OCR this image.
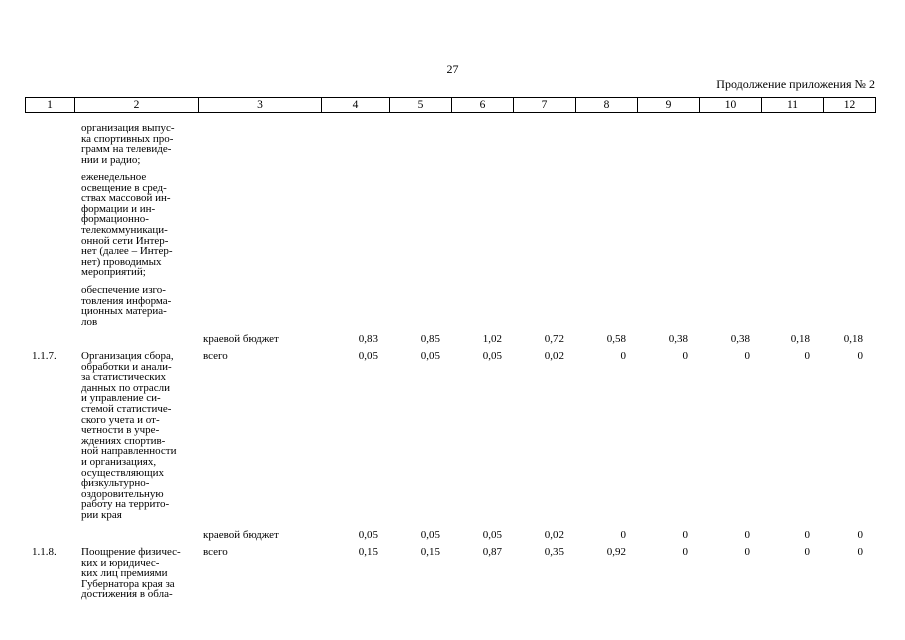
27
Продолжение приложения № 2
1	2	3	4	5	6	7	8	9	10	11	12
организация выпус-
ка спортивных про-
грамм на телевиде-
нии и радио;
еженедельное
освещение в сред-
ствах массовой ин-
формации и ин-
формационно-
телекоммуникаци-
онной сети Интер-
нет (далее – Интер-
нет) проводимых
мероприятий;
обеспечение изго-
товления информа-
ционных материа-
лов
краевой бюджет	0,83	0,85	1,02	0,72	0,58	0,38	0,38	0,18	0,18
1.1.7. Организация сбора,
обработки и анали-
за статистических
данных по отрасли
и управление си-
стемой статистиче-
ского учета и от-
четности в учре-
ждениях спортив-
ной направленности
и организациях,
осуществляющих
физкультурно-
оздоровительную
работу на террито-
рии края
всего	0,05	0,05	0,05	0,02	0	0	0	0	0
краевой бюджет	0,05	0,05	0,05	0,02	0	0	0	0	0
1.1.8. Поощрение физичес-
ких и юридичес-
ких лиц премиями
Губернатора края за
достижения в обла-
всего	0,15	0,15	0,87	0,35	0,92	0	0	0	0
